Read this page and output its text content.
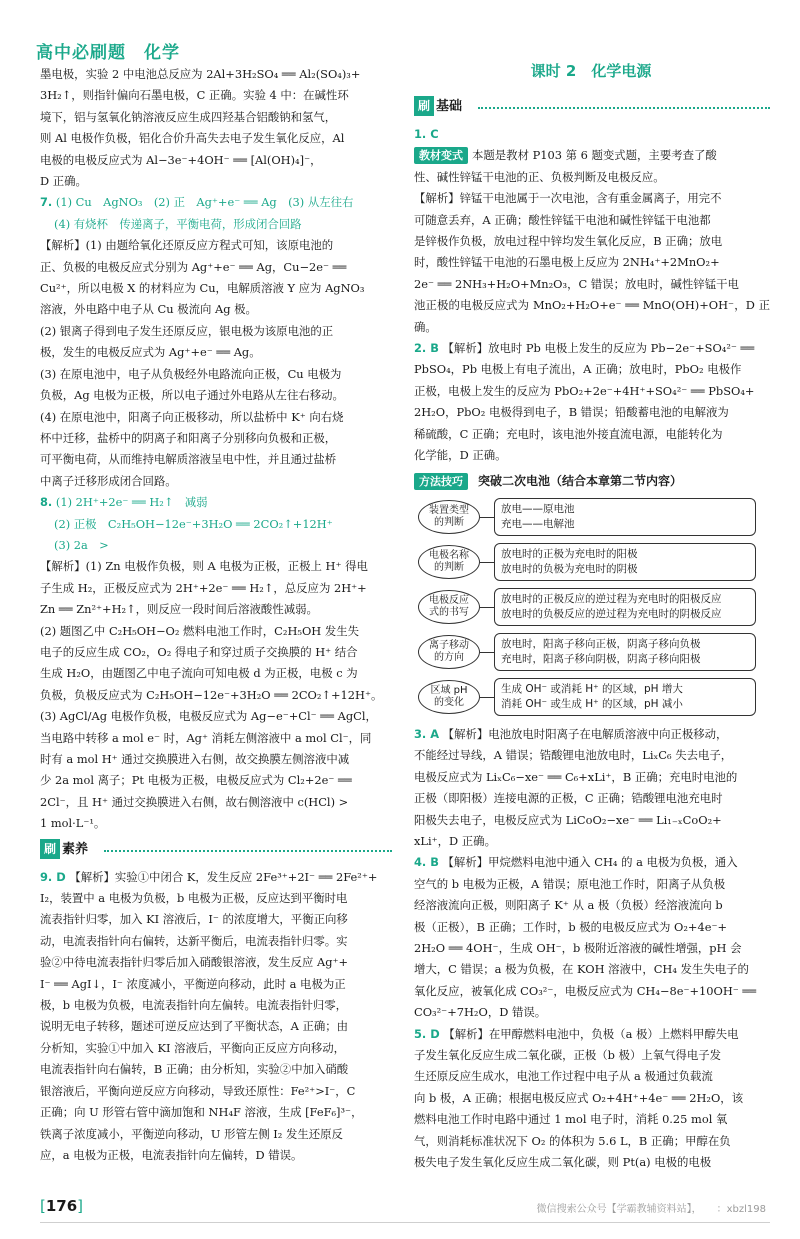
高中必刷题　化学
课时 2　化学电源

墨电极，实验 2 中电池总反应为 2Al+3H₂SO₄ ══ Al₂(SO₄)₃+

3H₂↑，则指针偏向石墨电极，C 正确。实验 4 中：在碱性环

境下，铝与氢氧化钠溶液反应生成四羟基合铝酸钠和氢气，

则 Al 电极作负极，铝化合价升高失去电子发生氧化反应，Al

电极的电极反应式为 Al−3e⁻+4OH⁻ ══ [Al(OH)₄]⁻，

D 正确。

7. (1) Cu　AgNO₃　(2) 正　Ag⁺+e⁻ ══ Ag　(3) 从左往右

(4) 有烧杯　传递离子，平衡电荷，形成闭合回路

【解析】(1) 由题给氧化还原反应方程式可知，该原电池的

正、负极的电极反应式分别为 Ag⁺+e⁻ ══ Ag，Cu−2e⁻ ══

Cu²⁺，所以电极 X 的材料应为 Cu，电解质溶液 Y 应为 AgNO₃

溶液，外电路中电子从 Cu 极流向 Ag 极。

(2) 银离子得到电子发生还原反应，银电极为该原电池的正

极，发生的电极反应式为 Ag⁺+e⁻ ══ Ag。

(3) 在原电池中，电子从负极经外电路流向正极，Cu 电极为

负极，Ag 电极为正极，所以电子通过外电路从左往右移动。

(4) 在原电池中，阳离子向正极移动，所以盐桥中 K⁺ 向右烧

杯中迁移，盐桥中的阴离子和阳离子分别移向负极和正极，

可平衡电荷，从而维持电解质溶液呈电中性，并且通过盐桥

中离子迁移形成闭合回路。

8. (1) 2H⁺+2e⁻ ══ H₂↑　减弱

(2) 正极　C₂H₅OH−12e⁻+3H₂O ══ 2CO₂↑+12H⁺

(3) 2a　>

【解析】(1) Zn 电极作负极，则 A 电极为正极，正极上 H⁺ 得电

子生成 H₂，正极反应式为 2H⁺+2e⁻ ══ H₂↑，总反应为 2H⁺+

Zn ══ Zn²⁺+H₂↑，则反应一段时间后溶液酸性减弱。

(2) 题图乙中 C₂H₅OH−O₂ 燃料电池工作时，C₂H₅OH 发生失

电子的反应生成 CO₂，O₂ 得电子和穿过质子交换膜的 H⁺ 结合

生成 H₂O，由题图乙中电子流向可知电极 d 为正极，电极 c 为

负极，负极反应式为 C₂H₅OH−12e⁻+3H₂O ══ 2CO₂↑+12H⁺。

(3) AgCl/Ag 电极作负极，电极反应式为 Ag−e⁻+Cl⁻ ══ AgCl，

当电路中转移 a mol e⁻ 时，Ag⁺ 消耗左侧溶液中 a mol Cl⁻，同

时有 a mol H⁺ 通过交换膜进入右侧，故交换膜左侧溶液中减

少 2a mol 离子；Pt 电极为正极，电极反应式为 Cl₂+2e⁻ ══

2Cl⁻，且 H⁺ 通过交换膜进入右侧，故右侧溶液中 c(HCl) >

1 mol·L⁻¹。

刷 素养

9. D 【解析】实验①中闭合 K，发生反应 2Fe³⁺+2I⁻ ══ 2Fe²⁺+

I₂，装置中 a 电极为负极，b 电极为正极，反应达到平衡时电

流表指针归零，加入 KI 溶液后，I⁻ 的浓度增大，平衡正向移

动，电流表指针向右偏转，达新平衡后，电流表指针归零。实

验②中待电流表指针归零后加入硝酸银溶液，发生反应 Ag⁺+

I⁻ ══ AgI↓，I⁻ 浓度减小，平衡逆向移动，此时 a 电极为正

极，b 电极为负极，电流表指针向左偏转。电流表指针归零，

说明无电子转移，题述可逆反应达到了平衡状态，A 正确；由

分析知，实验①中加入 KI 溶液后，平衡向正反应方向移动，

电流表指针向右偏转，B 正确；由分析知，实验②中加入硝酸

银溶液后，平衡向逆反应方向移动，导致还原性：Fe²⁺>I⁻，C

正确；向 U 形管右管中滴加饱和 NH₄F 溶液，生成 [FeF₆]³⁻，

铁离子浓度减小，平衡逆向移动，U 形管左侧 I₂ 发生还原反

应，a 电极为正极，电流表指针向左偏转，D 错误。

刷 基础

1. C

教材变式 本题是教材 P103 第 6 题变式题，主要考查了酸

性、碱性锌锰干电池的正、负极判断及电极反应。

【解析】锌锰干电池属于一次电池，含有重金属离子，用完不

可随意丢弃，A 正确；酸性锌锰干电池和碱性锌锰干电池都

是锌极作负极，放电过程中锌均发生氧化反应，B 正确；放电

时，酸性锌锰干电池的石墨电极上反应为 2NH₄⁺+2MnO₂+

2e⁻ ══ 2NH₃+H₂O+Mn₂O₃，C 错误；放电时，碱性锌锰干电

池正极的电极反应式为 MnO₂+H₂O+e⁻ ══ MnO(OH)+OH⁻，D 正确。

2. B 【解析】放电时 Pb 电极上发生的反应为 Pb−2e⁻+SO₄²⁻ ══

PbSO₄，Pb 电极上有电子流出，A 正确；放电时，PbO₂ 电极作

正极，电极上发生的反应为 PbO₂+2e⁻+4H⁺+SO₄²⁻ ══ PbSO₄+

2H₂O，PbO₂ 电极得到电子，B 错误；铅酸蓄电池的电解液为

稀硫酸，C 正确；充电时，该电池外接直流电源，电能转化为

化学能，D 正确。

方法技巧	突破二次电池（结合本章第二节内容）
装置类型
的判断
放电——原电池
充电——电解池
电极名称
的判断
放电时的正极为充电时的阳极
放电时的负极为充电时的阴极
电极反应
式的书写
放电时的正极反应的逆过程为充电时的阳极反应
放电时的负极反应的逆过程为充电时的阴极反应
离子移动
的方向
放电时，阳离子移向正极，阴离子移向负极
充电时，阳离子移向阴极，阴离子移向阳极
区域 pH
的变化
生成 OH⁻ 或消耗 H⁺ 的区域，pH 增大
消耗 OH⁻ 或生成 H⁺ 的区域，pH 减小

3. A 【解析】电池放电时阳离子在电解质溶液中向正极移动，

不能经过导线，A 错误；锆酸锂电池放电时，LiₓC₆ 失去电子，

电极反应式为 LiₓC₆−xe⁻ ══ C₆+xLi⁺，B 正确；充电时电池的

正极（即阳极）连接电源的正极，C 正确；锆酸锂电池充电时

阳极失去电子，电极反应式为 LiCoO₂−xe⁻ ══ Li₁₋ₓCoO₂+

xLi⁺，D 正确。

4. B 【解析】甲烷燃料电池中通入 CH₄ 的 a 电极为负极，通入

空气的 b 电极为正极，A 错误；原电池工作时，阳离子从负极

经溶液流向正极，则阳离子 K⁺ 从 a 极（负极）经溶液流向 b

极（正极），B 正确；工作时，b 极的电极反应式为 O₂+4e⁻+

2H₂O ══ 4OH⁻，生成 OH⁻，b 极附近溶液的碱性增强，pH 会

增大，C 错误；a 极为负极，在 KOH 溶液中，CH₄ 发生失电子的

氧化反应，被氧化成 CO₃²⁻，电极反应式为 CH₄−8e⁻+10OH⁻ ══

CO₃²⁻+7H₂O，D 错误。

5. D 【解析】在甲醇燃料电池中，负极（a 极）上燃料甲醇失电

子发生氧化反应生成二氧化碳，正极（b 极）上氧气得电子发

生还原反应生成水，电池工作过程中电子从 a 极通过负载流

向 b 极，A 正确；根据电极反应式 O₂+4H⁺+4e⁻ ══ 2H₂O，该

燃料电池工作时电路中通过 1 mol 电子时，消耗 0.25 mol 氧

气，则消耗标准状况下 O₂ 的体积为 5.6 L，B 正确；甲醇在负

极失电子发生氧化反应生成二氧化碳，则 Pt(a) 电极的电极

[176]	微信搜索公众号【学霸教辅资料站】，　　：xbzl198
